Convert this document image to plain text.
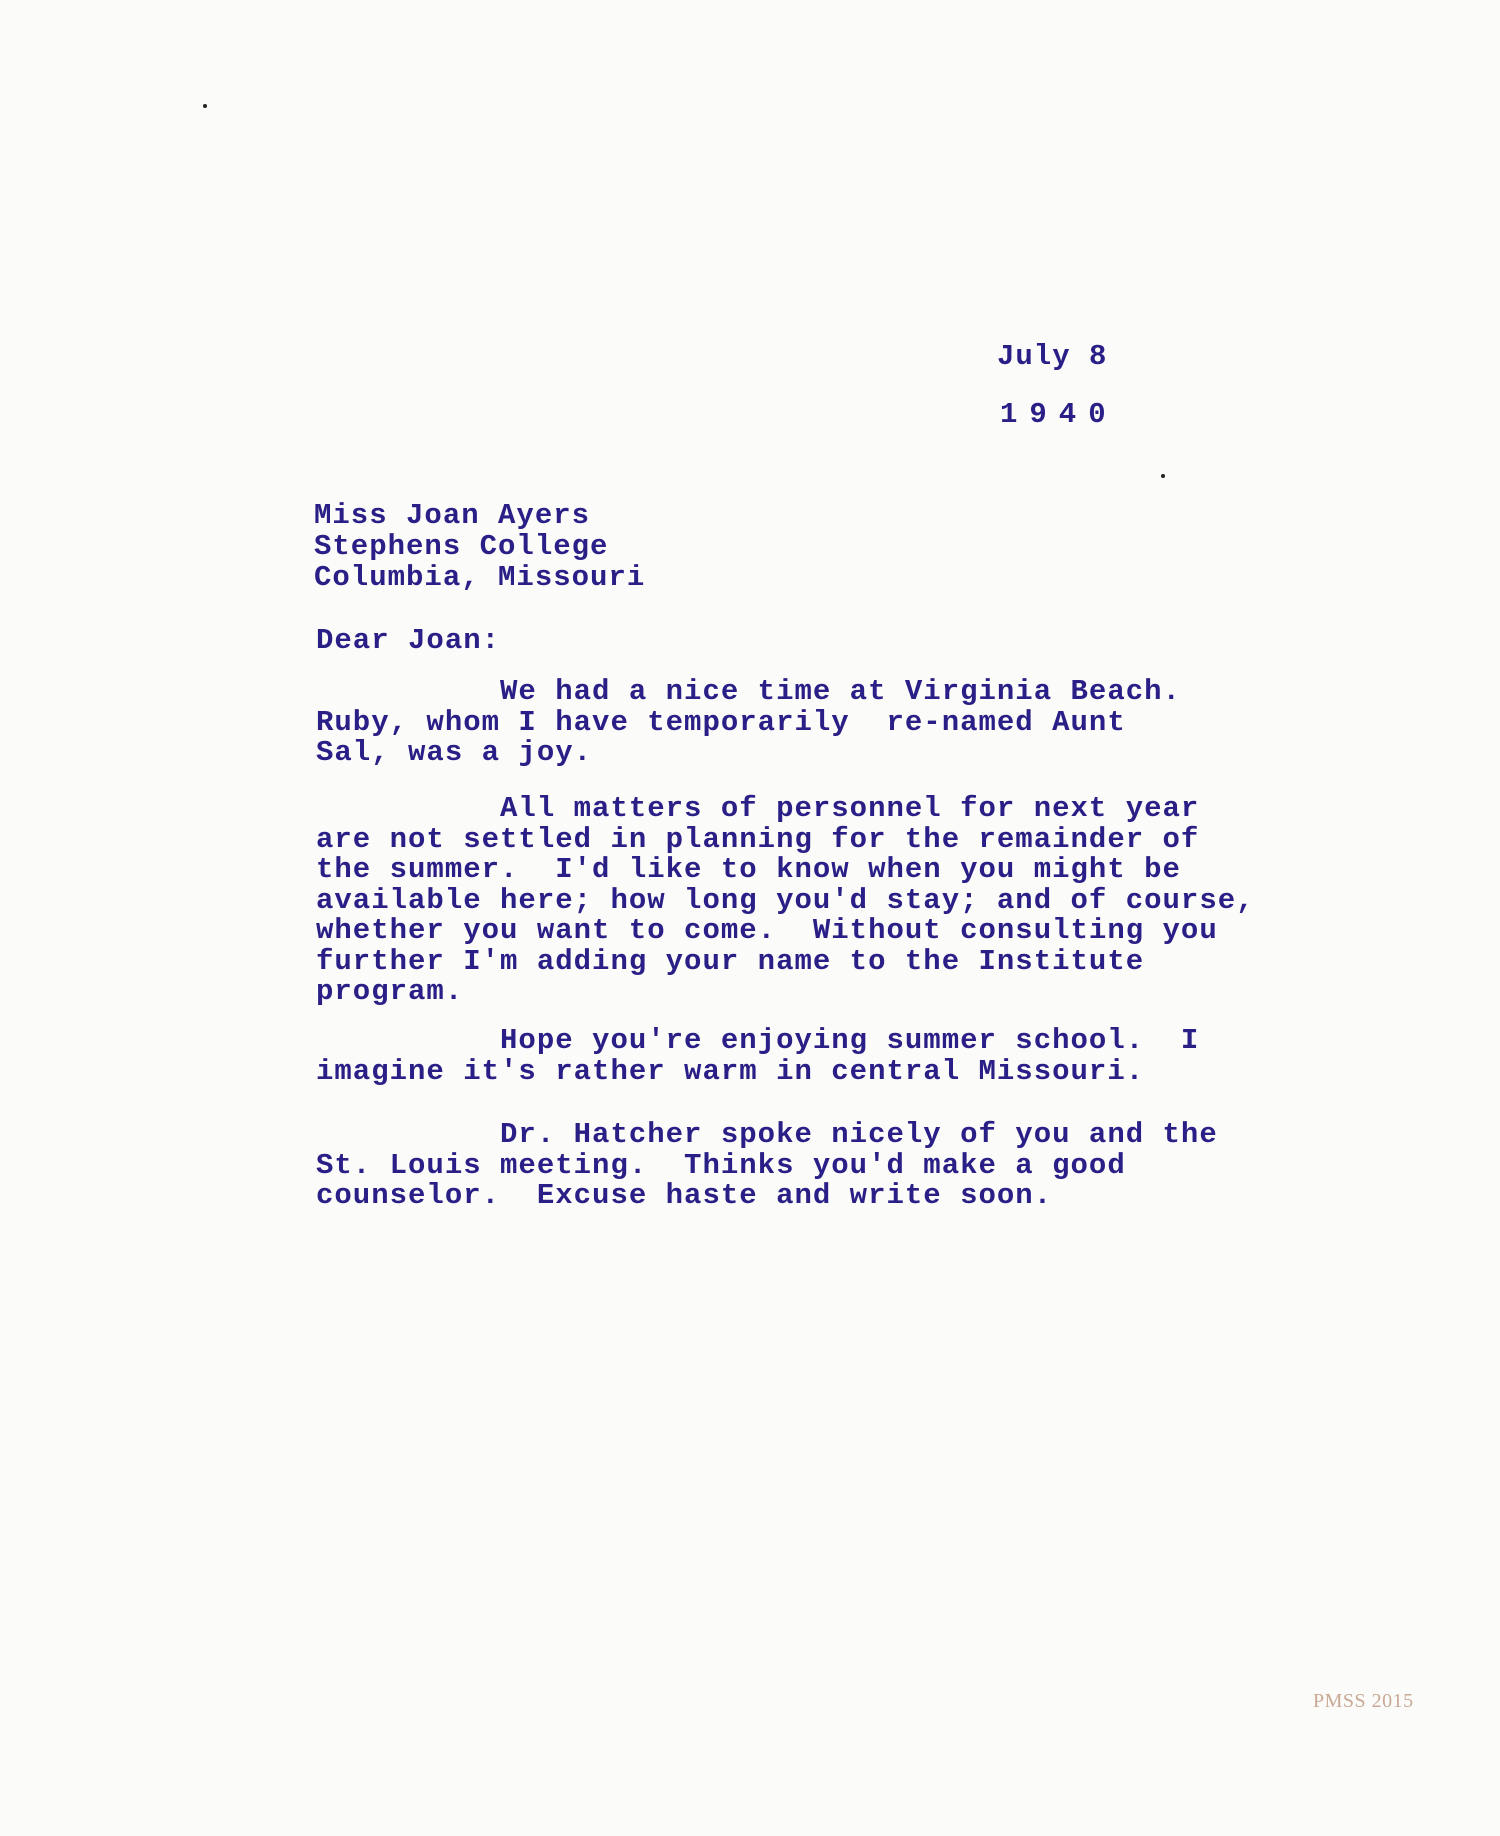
July 8
1940
Miss Joan Ayers
Stephens College
Columbia, Missouri
Dear Joan:
We had a nice time at Virginia Beach.
Ruby, whom I have temporarily  re-named Aunt
Sal, was a joy.
All matters of personnel for next year
are not settled in planning for the remainder of
the summer.  I'd like to know when you might be
available here; how long you'd stay; and of course,
whether you want to come.  Without consulting you
further I'm adding your name to the Institute
program.
Hope you're enjoying summer school.  I
imagine it's rather warm in central Missouri.
Dr. Hatcher spoke nicely of you and the
St. Louis meeting.  Thinks you'd make a good
counselor.  Excuse haste and write soon.
PMSS 2015
